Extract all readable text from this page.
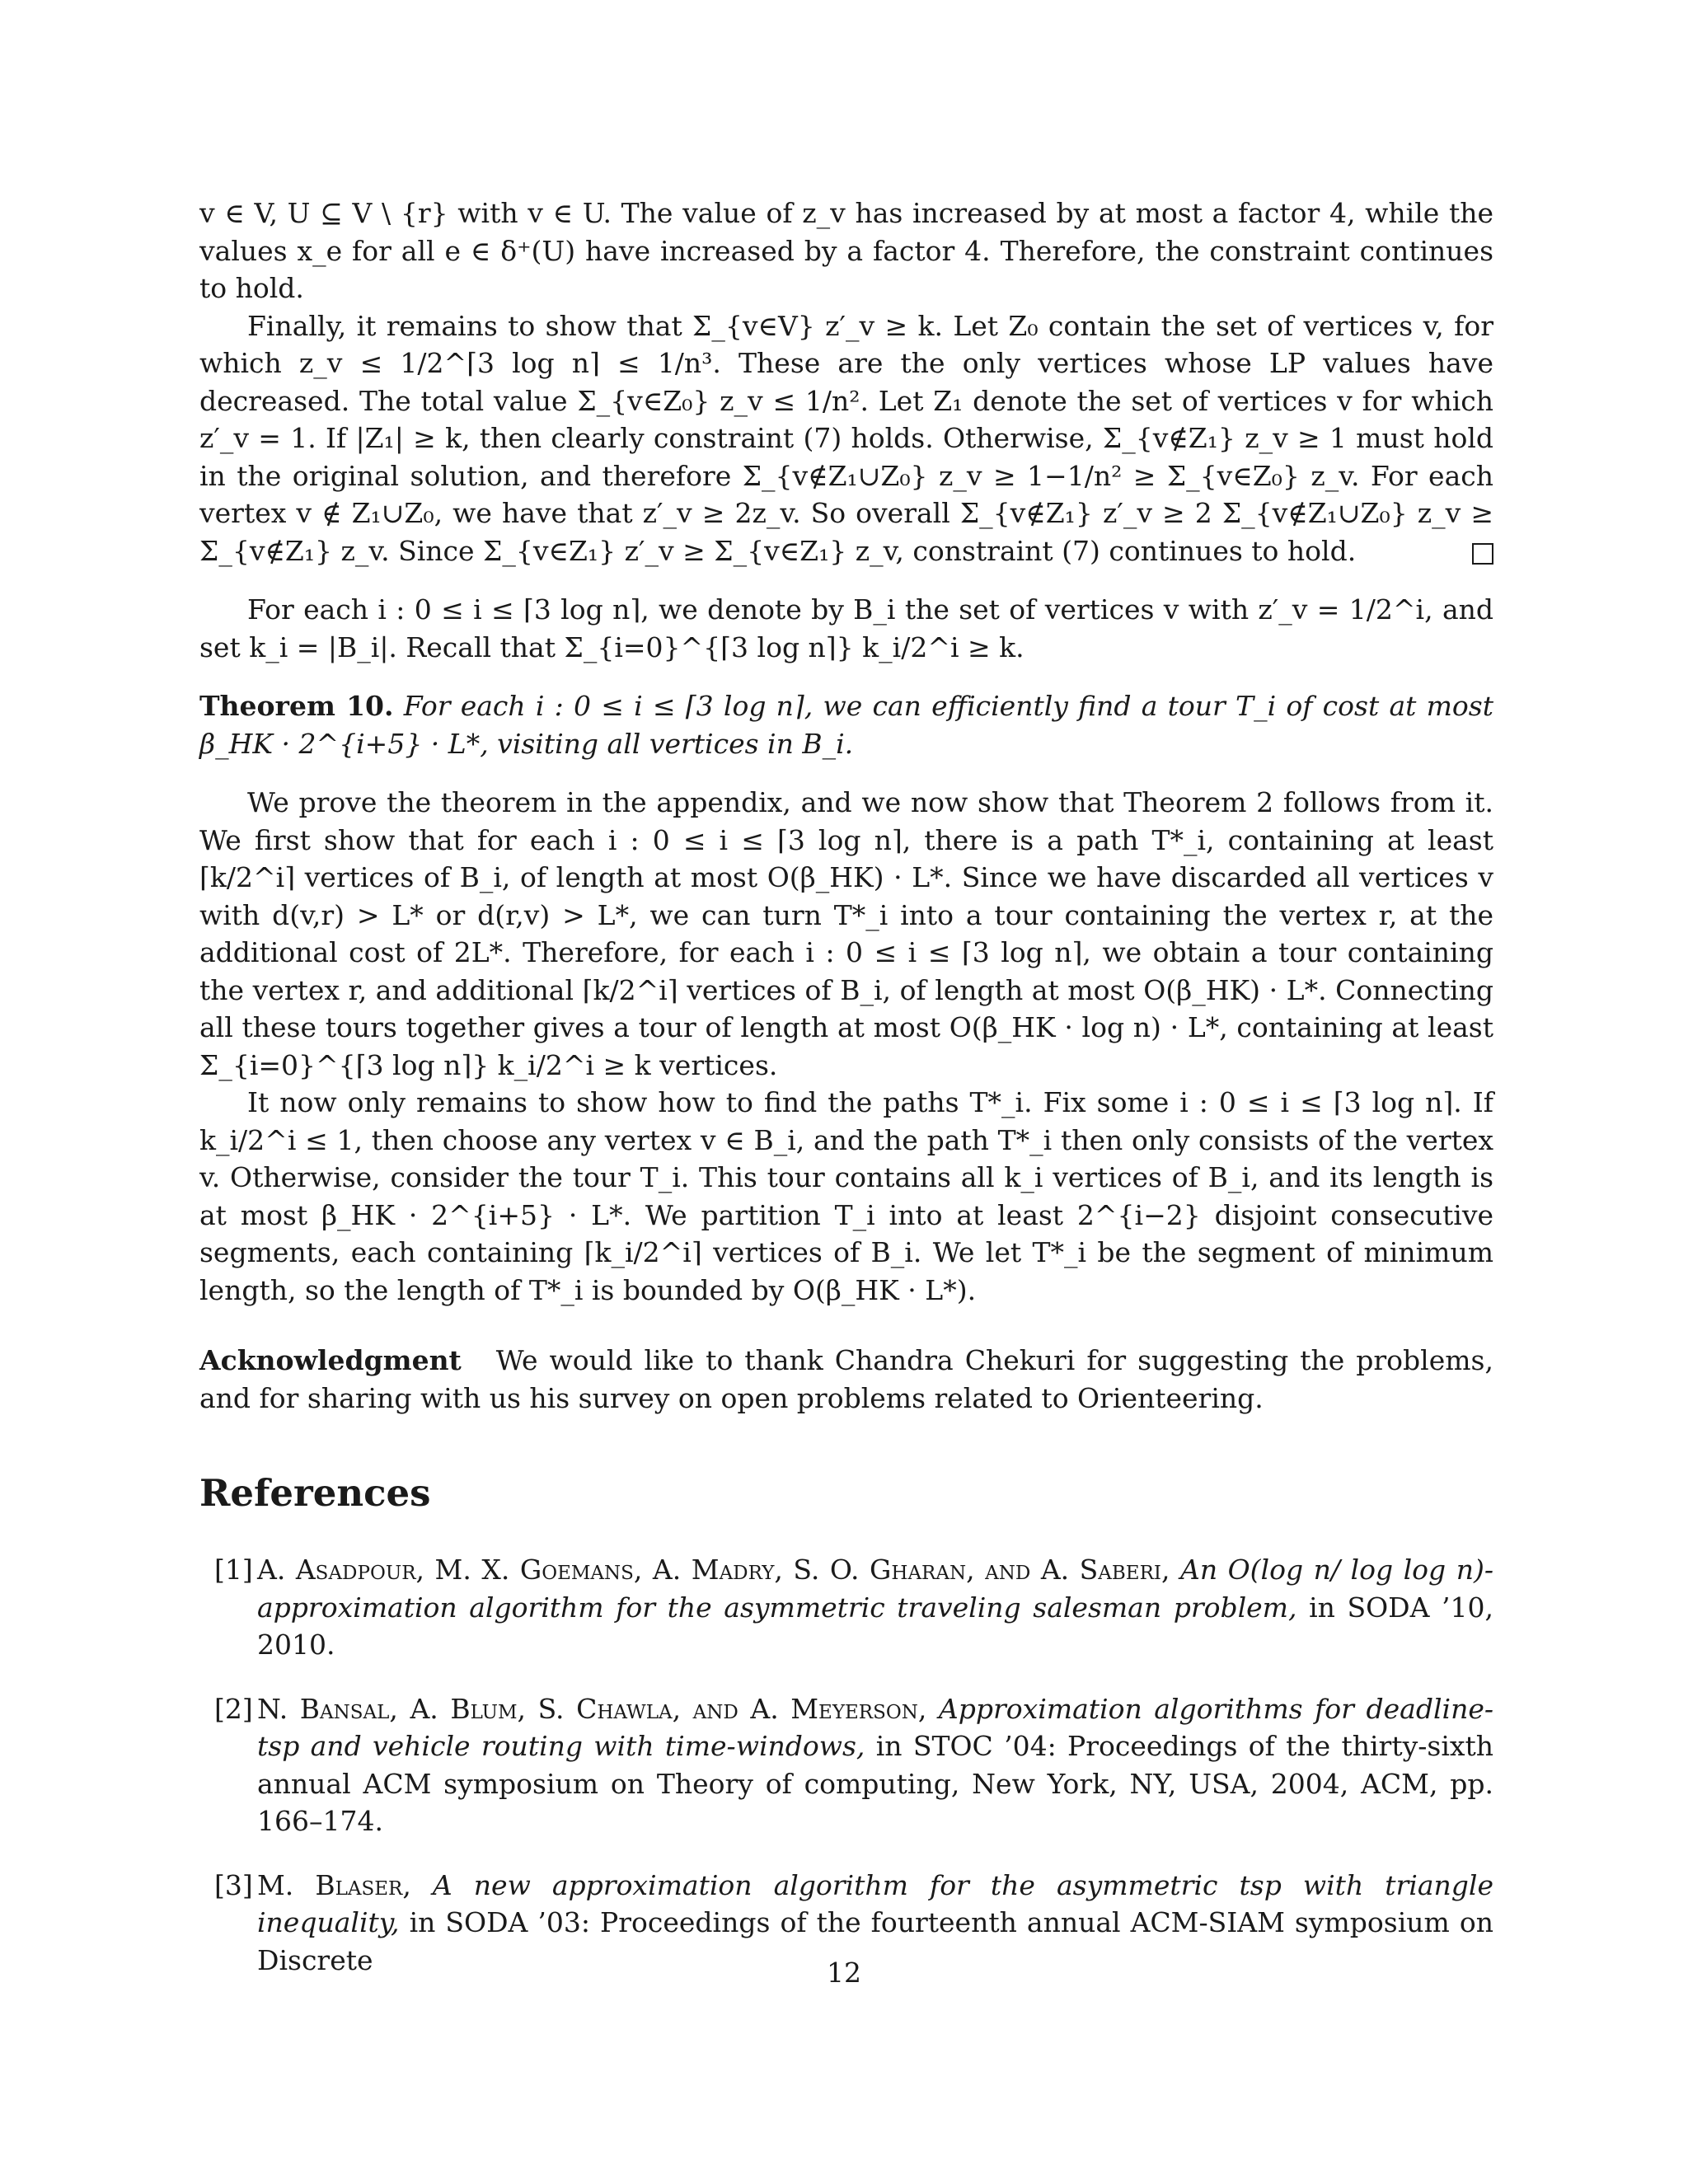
v ∈ V, U ⊆ V \ {r} with v ∈ U. The value of z_v has increased by at most a factor 4, while the values x_e for all e ∈ δ⁺(U) have increased by a factor 4. Therefore, the constraint continues to hold.

Finally, it remains to show that Σ_{v∈V} z′_v ≥ k. Let Z₀ contain the set of vertices v, for which z_v ≤ 1/2^⌈3 log n⌉ ≤ 1/n³. These are the only vertices whose LP values have decreased. The total value Σ_{v∈Z₀} z_v ≤ 1/n². Let Z₁ denote the set of vertices v for which z′_v = 1. If |Z₁| ≥ k, then clearly constraint (7) holds. Otherwise, Σ_{v∉Z₁} z_v ≥ 1 must hold in the original solution, and therefore Σ_{v∉Z₁∪Z₀} z_v ≥ 1−1/n² ≥ Σ_{v∈Z₀} z_v. For each vertex v ∉ Z₁∪Z₀, we have that z′_v ≥ 2z_v. So overall Σ_{v∉Z₁} z′_v ≥ 2 Σ_{v∉Z₁∪Z₀} z_v ≥ Σ_{v∉Z₁} z_v. Since Σ_{v∈Z₁} z′_v ≥ Σ_{v∈Z₁} z_v, constraint (7) continues to hold.

For each i : 0 ≤ i ≤ ⌈3 log n⌉, we denote by B_i the set of vertices v with z′_v = 1/2^i, and set k_i = |B_i|. Recall that Σ_{i=0}^{⌈3 log n⌉} k_i/2^i ≥ k.

Theorem 10. For each i : 0 ≤ i ≤ ⌈3 log n⌉, we can efficiently find a tour T_i of cost at most β_HK · 2^{i+5} · L*, visiting all vertices in B_i.

We prove the theorem in the appendix, and we now show that Theorem 2 follows from it. We first show that for each i : 0 ≤ i ≤ ⌈3 log n⌉, there is a path T*_i, containing at least ⌈k/2^i⌉ vertices of B_i, of length at most O(β_HK) · L*. Since we have discarded all vertices v with d(v,r) > L* or d(r,v) > L*, we can turn T*_i into a tour containing the vertex r, at the additional cost of 2L*. Therefore, for each i : 0 ≤ i ≤ ⌈3 log n⌉, we obtain a tour containing the vertex r, and additional ⌈k/2^i⌉ vertices of B_i, of length at most O(β_HK) · L*. Connecting all these tours together gives a tour of length at most O(β_HK · log n) · L*, containing at least Σ_{i=0}^{⌈3 log n⌉} k_i/2^i ≥ k vertices.

It now only remains to show how to find the paths T*_i. Fix some i : 0 ≤ i ≤ ⌈3 log n⌉. If k_i/2^i ≤ 1, then choose any vertex v ∈ B_i, and the path T*_i then only consists of the vertex v. Otherwise, consider the tour T_i. This tour contains all k_i vertices of B_i, and its length is at most β_HK · 2^{i+5} · L*. We partition T_i into at least 2^{i−2} disjoint consecutive segments, each containing ⌈k_i/2^i⌉ vertices of B_i. We let T*_i be the segment of minimum length, so the length of T*_i is bounded by O(β_HK · L*).

Acknowledgment We would like to thank Chandra Chekuri for suggesting the problems, and for sharing with us his survey on open problems related to Orienteering.

References
[1] A. Asadpour, M. X. Goemans, A. Madry, S. O. Gharan, and A. Saberi, An O(log n/ log log n)-approximation algorithm for the asymmetric traveling salesman problem, in SODA ’10, 2010.
[2] N. Bansal, A. Blum, S. Chawla, and A. Meyerson, Approximation algorithms for deadline-tsp and vehicle routing with time-windows, in STOC ’04: Proceedings of the thirty-sixth annual ACM symposium on Theory of computing, New York, NY, USA, 2004, ACM, pp. 166–174.
[3] M. Blaser, A new approximation algorithm for the asymmetric tsp with triangle inequality, in SODA ’03: Proceedings of the fourteenth annual ACM-SIAM symposium on Discrete	12
